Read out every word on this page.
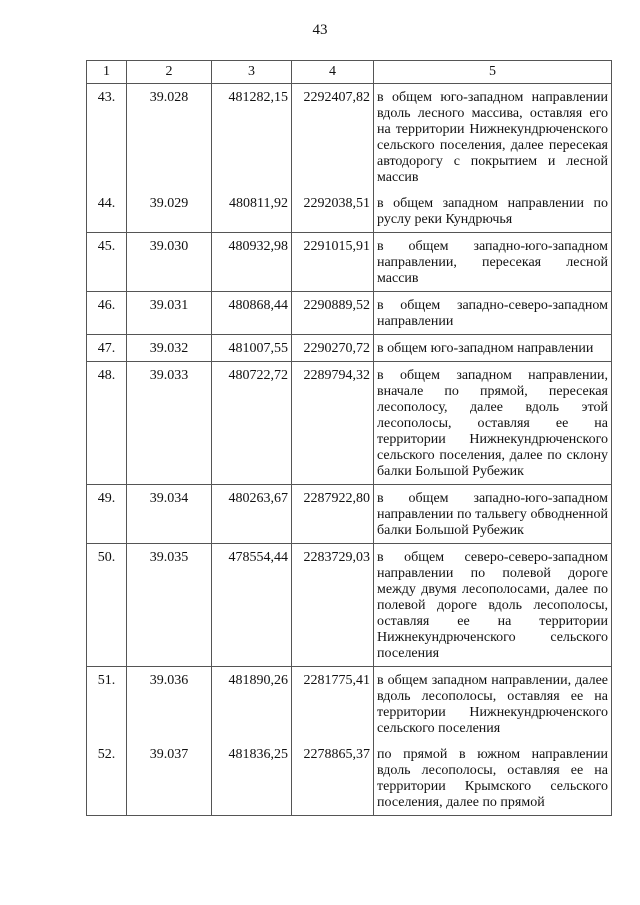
43
1	2	3	4	5
43.	39.028	481282,15	2292407,82	в общем юго-западном направлении вдоль лесного массива, оставляя его на территории Нижнекундрюченского сельского поселения, далее пересекая автодорогу с покрытием и лесной массив
44.	39.029	480811,92	2292038,51	в общем западном направлении по руслу реки Кундрючья
45.	39.030	480932,98	2291015,91	в общем западно-юго-западном направлении, пересекая лесной массив
46.	39.031	480868,44	2290889,52	в общем западно-северо-западном направлении
47.	39.032	481007,55	2290270,72	в общем юго-западном направлении
48.	39.033	480722,72	2289794,32	в общем западном направлении, вначале по прямой, пересекая лесополосу, далее вдоль этой лесополосы, оставляя ее на территории Нижнекундрюченского сельского поселения, далее по склону балки Большой Рубежик
49.	39.034	480263,67	2287922,80	в общем западно-юго-западном направлении по тальвегу обводненной балки Большой Рубежик
50.	39.035	478554,44	2283729,03	в общем северо-северо-западном направлении по полевой дороге между двумя лесополосами, далее по полевой дороге вдоль лесополосы, оставляя ее на территории Нижнекундрюченского сельского поселения
51.	39.036	481890,26	2281775,41	в общем западном направлении, далее вдоль лесополосы, оставляя ее на территории Нижнекундрюченского сельского поселения
52.	39.037	481836,25	2278865,37	по прямой в южном направлении вдоль лесополосы, оставляя ее на территории Крымского сельского поселения, далее по прямой
